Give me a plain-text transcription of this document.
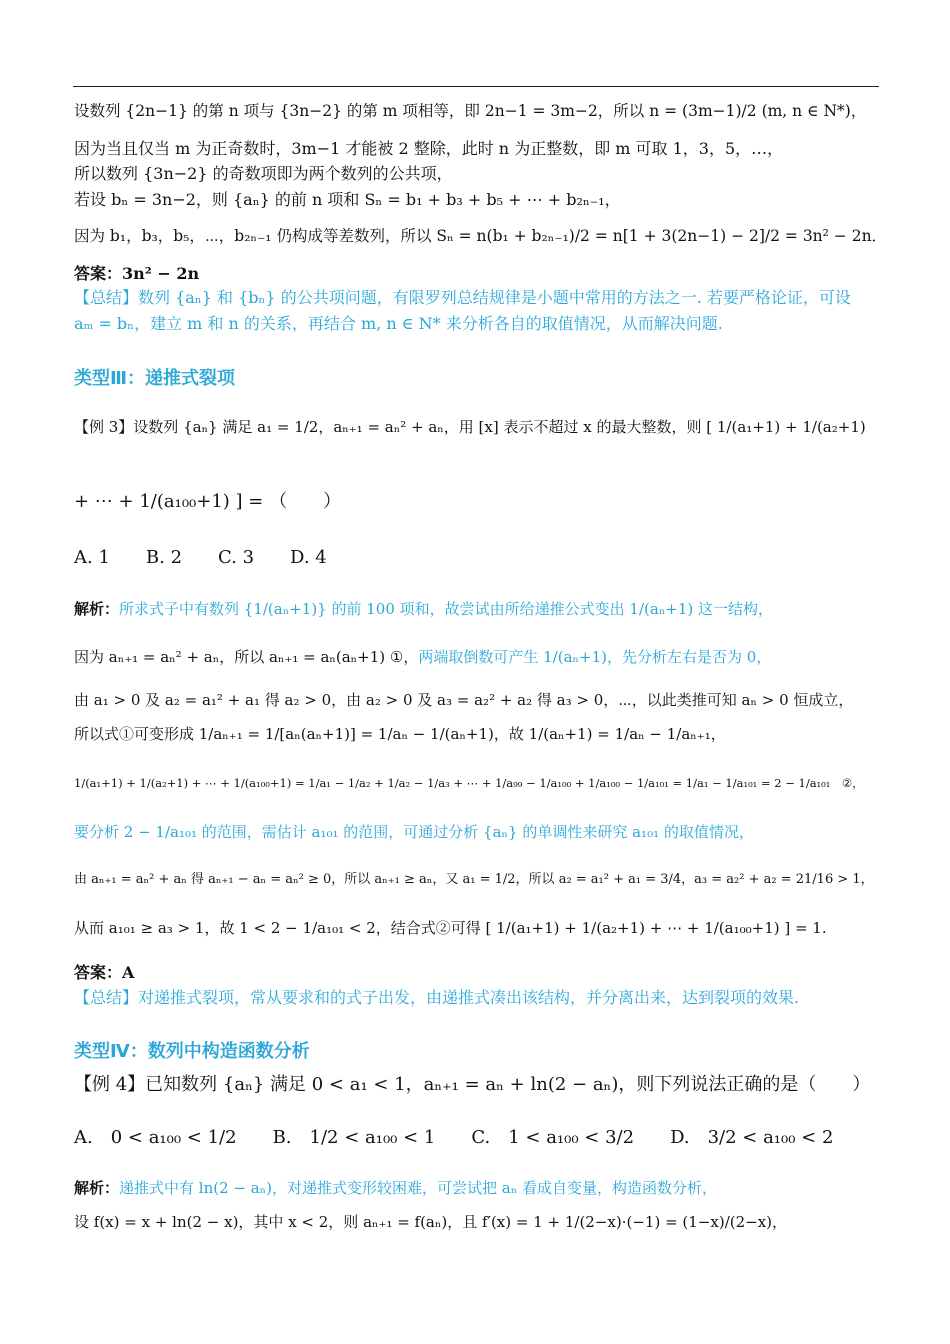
设数列 {2n−1} 的第 n 项与 {3n−2} 的第 m 项相等，即 2n−1 = 3m−2，所以 n = (3m−1)/2 (m, n ∈ N*)，
因为当且仅当 m 为正奇数时，3m−1 才能被 2 整除，此时 n 为正整数，即 m 可取 1，3，5，…，
所以数列 {3n−2} 的奇数项即为两个数列的公共项，
若设 bₙ = 3n−2，则 {aₙ} 的前 n 项和 Sₙ = b₁ + b₃ + b₅ + ⋯ + b₂ₙ₋₁，
因为 b₁，b₃，b₅，⋯，b₂ₙ₋₁ 仍构成等差数列，所以 Sₙ = n(b₁ + b₂ₙ₋₁)/2 = n[1 + 3(2n−1) − 2]/2 = 3n² − 2n．
答案：3n² − 2n
【总结】数列 {aₙ} 和 {bₙ} 的公共项问题，有限罗列总结规律是小题中常用的方法之一. 若要严格论证，可设
aₘ = bₙ，建立 m 和 n 的关系，再结合 m, n ∈ N* 来分析各自的取值情况，从而解决问题.
类型Ⅲ：递推式裂项
【例 3】设数列 {aₙ} 满足 a₁ = 1/2，aₙ₊₁ = aₙ² + aₙ，用 [x] 表示不超过 x 的最大整数，则 [ 1/(a₁+1) + 1/(a₂+1)
+ ⋯ + 1/(a₁₀₀+1) ] = （　　）
A. 1　　B. 2　　C. 3　　D. 4
解析：所求式子中有数列 {1/(aₙ+1)} 的前 100 项和，故尝试由所给递推公式变出 1/(aₙ+1) 这一结构，
因为 aₙ₊₁ = aₙ² + aₙ，所以 aₙ₊₁ = aₙ(aₙ+1) ①，两端取倒数可产生 1/(aₙ+1)，先分析左右是否为 0，
由 a₁ > 0 及 a₂ = a₁² + a₁ 得 a₂ > 0，由 a₂ > 0 及 a₃ = a₂² + a₂ 得 a₃ > 0，⋯，以此类推可知 aₙ > 0 恒成立，
所以式①可变形成 1/aₙ₊₁ = 1/[aₙ(aₙ+1)] = 1/aₙ − 1/(aₙ+1)，故 1/(aₙ+1) = 1/aₙ − 1/aₙ₊₁，
1/(a₁+1) + 1/(a₂+1) + ⋯ + 1/(a₁₀₀+1) = 1/a₁ − 1/a₂ + 1/a₂ − 1/a₃ + ⋯ + 1/a₉₉ − 1/a₁₀₀ + 1/a₁₀₀ − 1/a₁₀₁ = 1/a₁ − 1/a₁₀₁ = 2 − 1/a₁₀₁　②，
要分析 2 − 1/a₁₀₁ 的范围，需估计 a₁₀₁ 的范围，可通过分析 {aₙ} 的单调性来研究 a₁₀₁ 的取值情况，
由 aₙ₊₁ = aₙ² + aₙ 得 aₙ₊₁ − aₙ = aₙ² ≥ 0，所以 aₙ₊₁ ≥ aₙ，又 a₁ = 1/2，所以 a₂ = a₁² + a₁ = 3/4，a₃ = a₂² + a₂ = 21/16 > 1，
从而 a₁₀₁ ≥ a₃ > 1，故 1 < 2 − 1/a₁₀₁ < 2，结合式②可得 [ 1/(a₁+1) + 1/(a₂+1) + ⋯ + 1/(a₁₀₀+1) ] = 1.
答案：A
【总结】对递推式裂项，常从要求和的式子出发，由递推式凑出该结构，并分离出来，达到裂项的效果.
类型Ⅳ：数列中构造函数分析
【例 4】已知数列 {aₙ} 满足 0 < a₁ < 1，aₙ₊₁ = aₙ + ln(2 − aₙ)，则下列说法正确的是（　　）
A.　0 < a₁₀₀ < 1/2　　B.　1/2 < a₁₀₀ < 1　　C.　1 < a₁₀₀ < 3/2　　D.　3/2 < a₁₀₀ < 2
解析：递推式中有 ln(2 − aₙ)，对递推式变形较困难，可尝试把 aₙ 看成自变量，构造函数分析，
设 f(x) = x + ln(2 − x)，其中 x < 2，则 aₙ₊₁ = f(aₙ)，且 f′(x) = 1 + 1/(2−x)·(−1) = (1−x)/(2−x)，
